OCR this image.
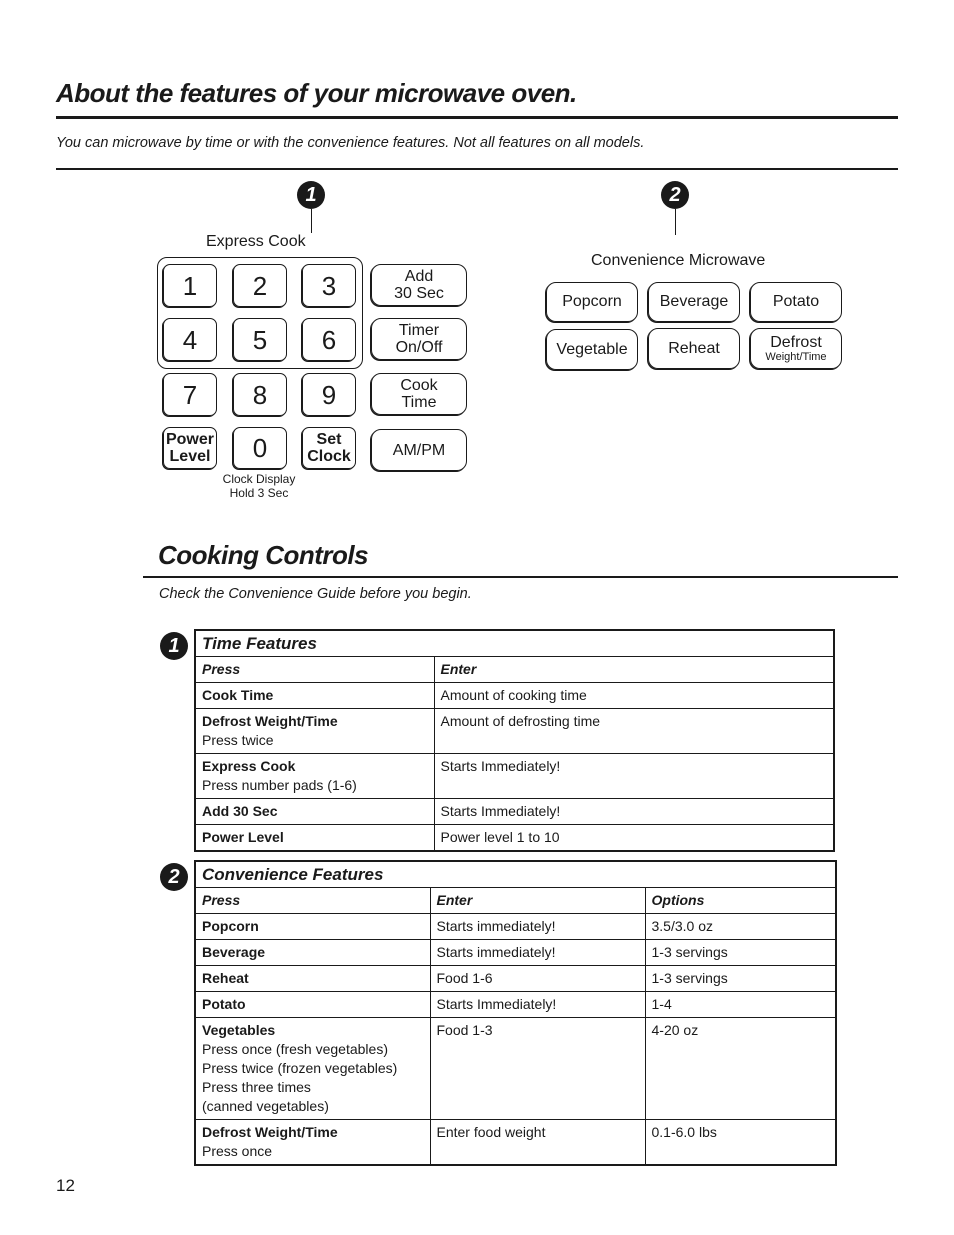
About the features of your microwave oven.
You can microwave by time or with the convenience features. Not all features on all models.
1	2
Express Cook
1	2	3
4	5	6
7	8	9
Power
Level	0	Set
Clock
Clock Display
Hold 3 Sec
Add
30 Sec
Timer
On/Off
Cook
Time
AM/PM
Convenience Microwave
Popcorn	Beverage	Potato
Vegetable	Reheat	Defrost
Weight/Time
Cooking Controls
Check the Convenience Guide before you begin.
1	Time Features	
Press	Enter

Cook Time	Amount of cooking time

Defrost Weight/Time
Press twice	Amount of defrosting time

Express Cook
Press number pads (1-6)	Starts Immediately!

Add 30 Sec	Starts Immediately!

Power Level	Power level 1 to 10
2	Convenience Features		
Press	Enter	Options

Popcorn	Starts immediately!	3.5/3.0 oz

Beverage	Starts immediately!	1-3 servings

Reheat	Food 1-6	1-3 servings

Potato	Starts Immediately!	1-4

Vegetables
Press once (fresh vegetables)
Press twice (frozen vegetables)
Press three times
(canned vegetables)	Food 1-3	4-20 oz

Defrost Weight/Time
Press once	Enter food weight	0.1-6.0 lbs
12
